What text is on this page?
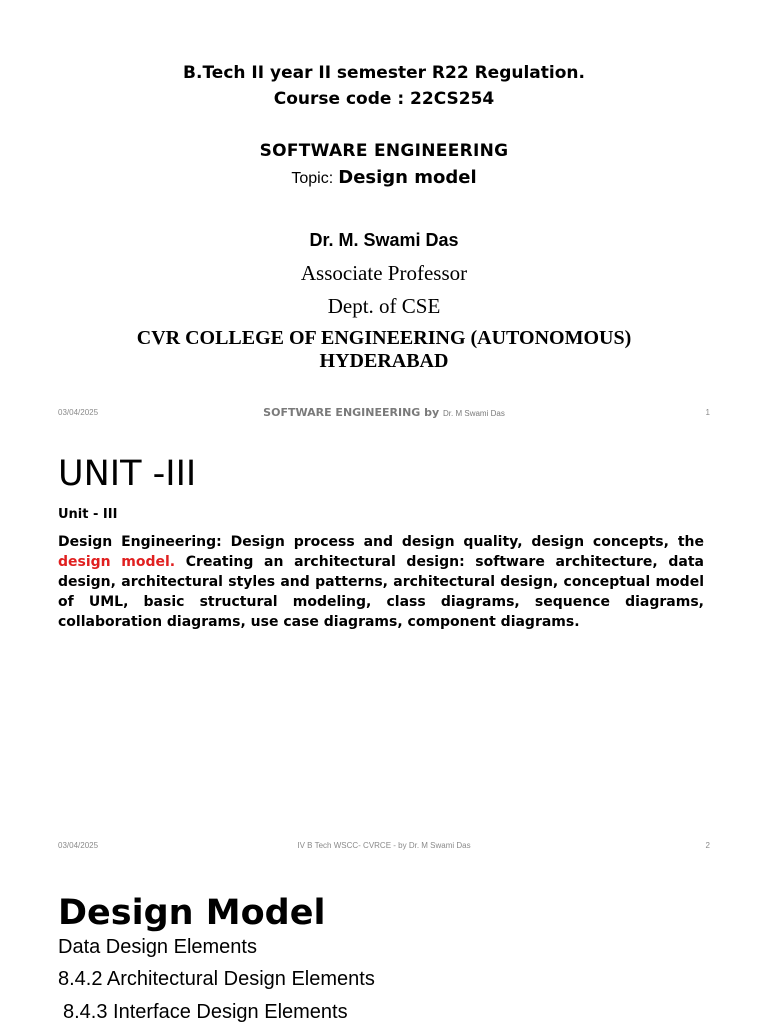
B.Tech II year II semester R22 Regulation.
Course code : 22CS254
SOFTWARE ENGINEERING
Topic: Design model
Dr. M. Swami Das
Associate Professor
Dept. of CSE
CVR COLLEGE OF ENGINEERING (AUTONOMOUS)
HYDERABAD
03/04/2025	SOFTWARE ENGINEERING by Dr. M Swami Das	1
UNIT -III
Unit - III

Design Engineering: Design process and design quality, design concepts, the design model. Creating an architectural design: software architecture, data design, architectural styles and patterns, architectural design, conceptual model of UML, basic structural modeling, class diagrams, sequence diagrams, collaboration diagrams, use case diagrams, component diagrams.

03/04/2025	IV B Tech WSCC- CVRCE - by Dr. M Swami Das	2
Design Model
Data Design Elements
8.4.2 Architectural Design Elements
8.4.3 Interface Design Elements
